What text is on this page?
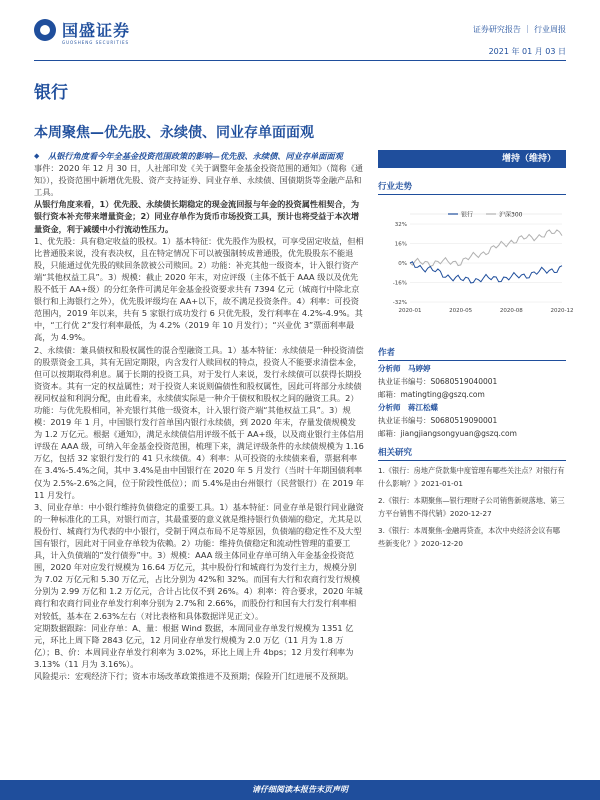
国盛证券
GUOSHENG SECURITIES
证券研究报告 ｜ 行业周报
2021 年 01 月 03 日
银行
本周聚焦—优先股、永续债、同业存单面面观

◆ 从银行角度看今年全基金投资范围政策的影响—优先股、永续债、同业存单面面观

事件：2020 年 12 月 30 日，人社部印发《关于调整年金基金投资范围的通知》（简称《通知》），投资范围中新增优先股、资产支持证券、同业存单、永续债、国债期货等金融产品和工具。

从银行角度来看，1）优先股、永续债长期稳定的现金流回报与年金的投资属性相契合，为银行资本补充带来增量资金；2）同业存单作为货币市场投资工具，预计也将受益于本次增量资金，利于减缓中小行流动性压力。

1、优先股：具有稳定收益的股权。1）基本特征：优先股作为股权，可享受固定收益，但相比普通股来说，没有表决权，且在特定情况下可以被强制转成普通股，优先股股东不能退股，只能通过优先股的赎回条款被公司赎回。2）功能：补充其他一级资本，计入银行资产端“其他权益工具”。3）规模：截止 2020 年末，对应评级（主体不低于 AAA 级以及优先股不低于 AA+级）的分红条件可满足年金基金投资要求共有 7394 亿元（城商行中除北京银行和上海银行之外），优先股评级均在 AA+以下，故不满足投资条件。4）利率：可投资范围内，2019 年以来，共有 5 家银行成功发行 6 只优先股，发行利率在 4.2%-4.9%。其中，“工行优 2”发行利率最低，为 4.2%（2019 年 10 月发行）；“兴业优 3”票面利率最高，为 4.9%。

2、永续债：兼具债权和股权属性的混合型融资工具。1）基本特征：永续债是一种投资清偿的股票资金工具，其有无固定期限，内含发行人赎回权的特点，投资人不能要求清偿本金，但可以按期取得利息。属于长期的投资工具，对于发行人来说，发行永续债可以获得长期投资资本。其有一定的权益属性；对于投资人来说则偏债性和股权属性，因此可将部分永续债视同权益和利润分配，由此看来，永续债实际是一种介于债权和股权之间的融资工具。2）功能：与优先股相同，补充银行其他一级资本，计入银行资产端“其他权益工具”。3）规模：2019 年 1 月，中国银行发行首单国内银行永续债，到 2020 年末，存量发债规模发为 1.2 万亿元。根据《通知》，满足永续债信用评级不低于 AA+级，以及商业银行主体信用评级在 AAA 级，可纳入年金基金投资范围，梳理下来，满足评级条件的永续债规模为 1.16 万亿，包括 32 家银行发行的 41 只永续债。4）利率：从可投资的永续债来看，票据利率在 3.4%-5.4%之间，其中 3.4%是由中国银行在 2020 年 5 月发行（当时十年期国债利率仅为 2.5%-2.6%之间，位于阶段性低位）；而 5.4%是由台州银行（民营银行）在 2019 年 11 月发行。

3、同业存单：中小银行维持负债稳定的重要工具。1）基本特征：同业存单是银行同业融资的一种标准化的工具，对银行而言，其最重要的意义就是维持银行负债端的稳定，尤其是以股份行、城商行为代表的中小银行，受制于网点布局不足等原因，负债端的稳定性不及大型国有银行，因此对于同业存单较为依赖。2）功能：维持负债稳定和流动性管理的重要工具，计入负债端的“发行债券”中。3）规模：AAA 级主体同业存单可纳入年金基金投资范围，2020 年对应发行规模为 16.64 万亿元，其中股份行和城商行为发行主力，规模分别为 7.02 万亿元和 5.30 万亿元，占比分别为 42%和 32%。而国有大行和农商行发行规模分别为 2.99 万亿和 1.2 万亿元，合计占比仅不到 26%。4）利率：符合要求，2020 年城商行和农商行同业存单发行利率分别为 2.7%和 2.66%，而股份行和国有大行发行利率相对较低，基本在 2.63%左右（对比表格和具体数据详见正文）。

定期数据跟踪：同业存单：A、量：根据 Wind 数据，本周同业存单发行规模为 1351 亿元，环比上周下降 2843 亿元，12 月同业存单发行规模为 2.0 万亿（11 月为 1.8 万亿）；B、价：本周同业存单发行利率为 3.02%，环比上周上升 4bps；12 月发行利率为 3.13%（11 月为 3.16%）。

风险提示：宏观经济下行；资本市场改革政策推进不及预期；保险开门红进展不及预期。

增持（维持）
行业走势
32%
16%
0%
-16%
-32%
2020-01	2020-05	2020-08	2020-12
银行	沪深300
作者
分析师　马婷婷
执业证书编号：S0680519040001
邮箱：matingting@gszq.com
分析师　蒋江松蝶
执业证书编号：S0680519090001
邮箱：jiangjiangsongyuan@gszq.com
相关研究

1.《银行：房地产贷款集中度管理有哪些关注点？对银行有什么影响？》2021-01-01

2.《银行：本期聚焦—银行理财子公司销售新规落地、第三方平台销售不得代销》2020-12-27

3.《银行：本周聚焦-金融再贷查，本次中央经济会议有哪些新变化？》2020-12-20

请仔细阅读本报告末页声明
